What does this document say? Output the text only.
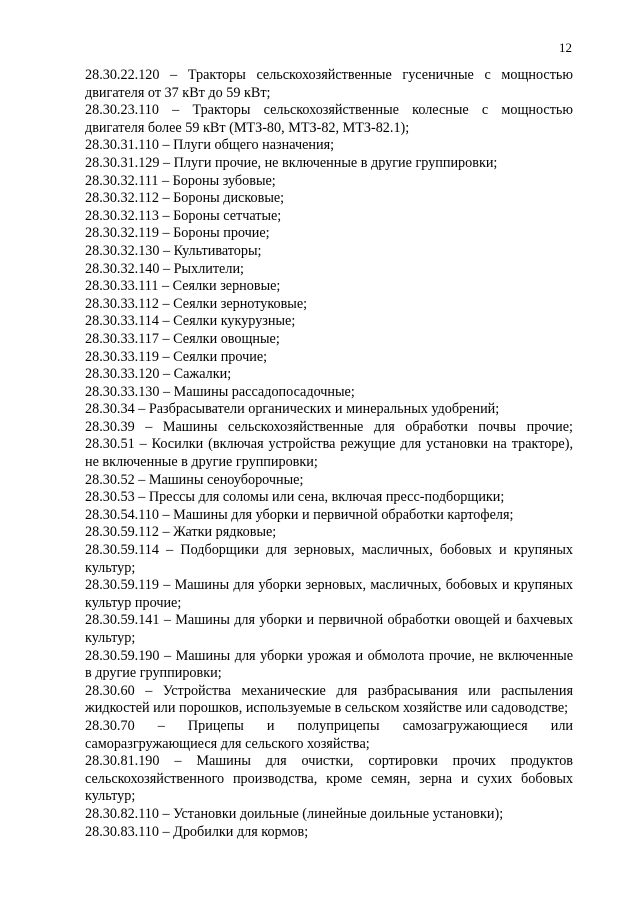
12

28.30.22.120 – Тракторы сельскохозяйственные гусеничные с мощностью двигателя от 37 кВт до 59 кВт;

28.30.23.110 – Тракторы сельскохозяйственные колесные с мощностью двигателя более 59 кВт (МТЗ-80, МТЗ-82, МТЗ-82.1);

28.30.31.110 – Плуги общего назначения;

28.30.31.129 – Плуги прочие, не включенные в другие группировки;

28.30.32.111 – Бороны зубовые;

28.30.32.112 – Бороны дисковые;

28.30.32.113 – Бороны сетчатые;

28.30.32.119 – Бороны прочие;

28.30.32.130 – Культиваторы;

28.30.32.140 – Рыхлители;

28.30.33.111 – Сеялки зерновые;

28.30.33.112 – Сеялки зернотуковые;

28.30.33.114 – Сеялки кукурузные;

28.30.33.117 – Сеялки овощные;

28.30.33.119 – Сеялки прочие;

28.30.33.120 – Сажалки;

28.30.33.130 – Машины рассадопосадочные;

28.30.34 – Разбрасыватели органических и минеральных удобрений;

28.30.39 – Машины сельскохозяйственные для обработки почвы прочие;

28.30.51 – Косилки (включая устройства режущие для установки на тракторе), не включенные в другие группировки;

28.30.52 – Машины сеноуборочные;

28.30.53 – Прессы для соломы или сена, включая пресс-подборщики;

28.30.54.110 – Машины для уборки и первичной обработки картофеля;

28.30.59.112 – Жатки рядковые;

28.30.59.114 – Подборщики для зерновых, масличных, бобовых и крупяных культур;

28.30.59.119 – Машины для уборки зерновых, масличных, бобовых и крупяных культур прочие;

28.30.59.141 – Машины для уборки и первичной обработки овощей и бахчевых культур;

28.30.59.190 – Машины для уборки урожая и обмолота прочие, не включенные в другие группировки;

28.30.60 – Устройства механические для разбрасывания или распыления жидкостей или порошков, используемые в сельском хозяйстве или садоводстве;

28.30.70 – Прицепы и полуприцепы самозагружающиеся или саморазгружающиеся для сельского хозяйства;

28.30.81.190 – Машины для очистки, сортировки прочих продуктов сельскохозяйственного производства, кроме семян, зерна и сухих бобовых культур;

28.30.82.110 – Установки доильные (линейные доильные установки);

28.30.83.110 – Дробилки для кормов;
